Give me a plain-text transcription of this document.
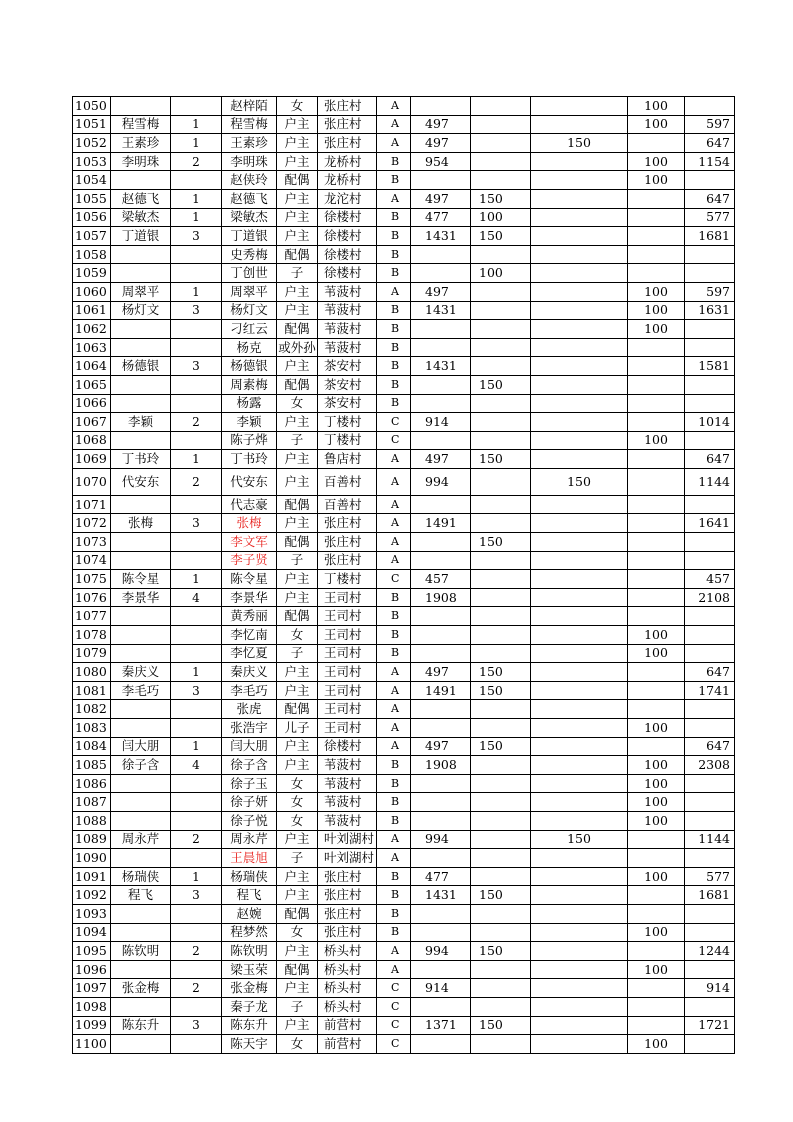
1050			赵梓陌	女	张庄村	A				100	
1051	程雪梅	1	程雪梅	户主	张庄村	A	497			100	597
1052	王素珍	1	王素珍	户主	张庄村	A	497		150		647
1053	李明珠	2	李明珠	户主	龙桥村	B	954			100	1154
1054			赵侠玲	配偶	龙桥村	B				100	
1055	赵德飞	1	赵德飞	户主	龙沱村	A	497	150			647
1056	梁敏杰	1	梁敏杰	户主	徐楼村	B	477	100			577
1057	丁道银	3	丁道银	户主	徐楼村	B	1431	150			1681
1058			史秀梅	配偶	徐楼村	B					
1059			丁创世	子	徐楼村	B		100			
1060	周翠平	1	周翠平	户主	苇菠村	A	497			100	597
1061	杨灯文	3	杨灯文	户主	苇菠村	B	1431			100	1631
1062			刁红云	配偶	苇菠村	B				100	
1063			杨克	或外孙	苇菠村	B					
1064	杨德银	3	杨德银	户主	茶安村	B	1431				1581
1065			周素梅	配偶	茶安村	B		150			
1066			杨露	女	茶安村	B					
1067	李颖	2	李颖	户主	丁楼村	C	914				1014
1068			陈子烨	子	丁楼村	C				100	
1069	丁书玲	1	丁书玲	户主	鲁店村	A	497	150			647
1070	代安东	2	代安东	户主	百善村	A	994		150		1144
1071			代志豪	配偶	百善村	A					
1072	张梅	3	张梅	户主	张庄村	A	1491				1641
1073			李文军	配偶	张庄村	A		150			
1074			李子贤	子	张庄村	A					
1075	陈令星	1	陈令星	户主	丁楼村	C	457				457
1076	李景华	4	李景华	户主	王司村	B	1908				2108
1077			黄秀丽	配偶	王司村	B					
1078			李忆南	女	王司村	B				100	
1079			李忆夏	子	王司村	B				100	
1080	秦庆义	1	秦庆义	户主	王司村	A	497	150			647
1081	李毛巧	3	李毛巧	户主	王司村	A	1491	150			1741
1082			张虎	配偶	王司村	A					
1083			张浩宇	儿子	王司村	A				100	
1084	闫大朋	1	闫大朋	户主	徐楼村	A	497	150			647
1085	徐子含	4	徐子含	户主	苇菠村	B	1908			100	2308
1086			徐子玉	女	苇菠村	B				100	
1087			徐子妍	女	苇菠村	B				100	
1088			徐子悦	女	苇菠村	B				100	
1089	周永芹	2	周永芹	户主	叶刘湖村	A	994		150		1144
1090			王晨旭	子	叶刘湖村	A					
1091	杨瑞侠	1	杨瑞侠	户主	张庄村	B	477			100	577
1092	程飞	3	程飞	户主	张庄村	B	1431	150			1681
1093			赵婉	配偶	张庄村	B					
1094			程梦然	女	张庄村	B				100	
1095	陈钦明	2	陈钦明	户主	桥头村	A	994	150			1244
1096			梁玉荣	配偶	桥头村	A				100	
1097	张金梅	2	张金梅	户主	桥头村	C	914				914
1098			秦子龙	子	桥头村	C					
1099	陈东升	3	陈东升	户主	前营村	C	1371	150			1721
1100			陈天宇	女	前营村	C				100	
